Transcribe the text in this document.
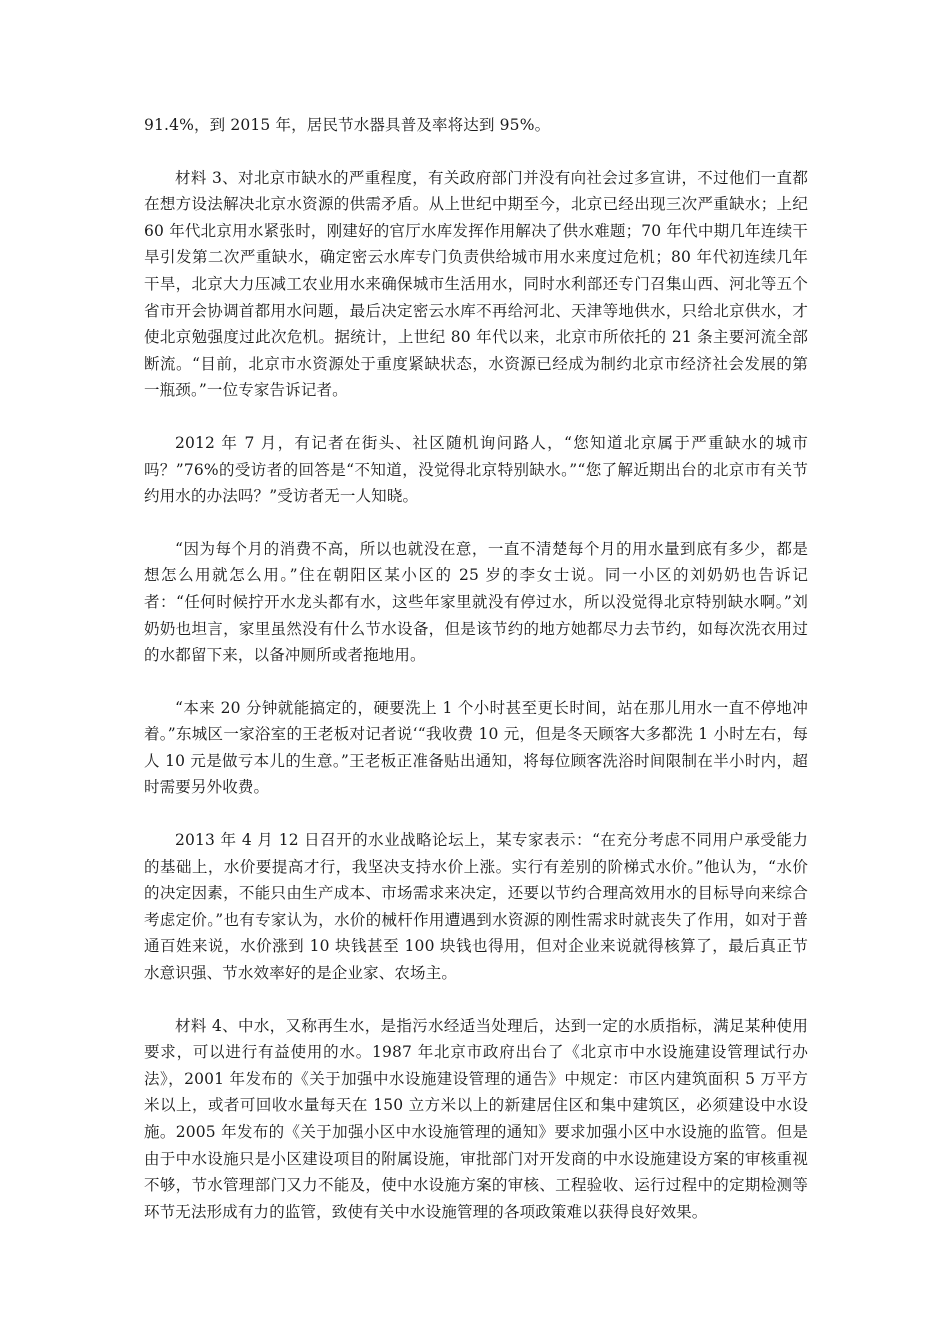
91.4%，到 2015 年，居民节水器具普及率将达到 95%。

材料 3、对北京市缺水的严重程度，有关政府部门并没有向社会过多宣讲，不过他们一直都在想方设法解决北京水资源的供需矛盾。从上世纪中期至今，北京已经出现三次严重缺水；上纪 60 年代北京用水紧张时，刚建好的官厅水库发挥作用解决了供水难题；70 年代中期几年连续干旱引发第二次严重缺水，确定密云水库专门负责供给城市用水来度过危机；80 年代初连续几年干旱，北京大力压减工农业用水来确保城市生活用水，同时水利部还专门召集山西、河北等五个省市开会协调首都用水问题，最后决定密云水库不再给河北、天津等地供水，只给北京供水，才使北京勉强度过此次危机。据统计，上世纪 80 年代以来，北京市所依托的 21 条主要河流全部断流。“目前，北京市水资源处于重度紧缺状态，水资源已经成为制约北京市经济社会发展的第一瓶颈。”一位专家告诉记者。

2012 年 7 月，有记者在街头、社区随机询问路人，“您知道北京属于严重缺水的城市吗？”76%的受访者的回答是“不知道，没觉得北京特别缺水。”“您了解近期出台的北京市有关节约用水的办法吗？”受访者无一人知晓。

“因为每个月的消费不高，所以也就没在意，一直不清楚每个月的用水量到底有多少，都是想怎么用就怎么用。”住在朝阳区某小区的 25 岁的李女士说。同一小区的刘奶奶也告诉记者：“任何时候拧开水龙头都有水，这些年家里就没有停过水，所以没觉得北京特别缺水啊。”刘奶奶也坦言，家里虽然没有什么节水设备，但是该节约的地方她都尽力去节约，如每次洗衣用过的水都留下来，以备冲厕所或者拖地用。

“本来 20 分钟就能搞定的，硬要洗上 1 个小时甚至更长时间，站在那儿用水一直不停地冲着。”东城区一家浴室的王老板对记者说‘“我收费 10 元，但是冬天顾客大多都洗 1 小时左右，每人 10 元是做亏本儿的生意。”王老板正准备贴出通知，将每位顾客洗浴时间限制在半小时内，超时需要另外收费。

2013 年 4 月 12 日召开的水业战略论坛上，某专家表示：“在充分考虑不同用户承受能力的基础上，水价要提高才行，我坚决支持水价上涨。实行有差别的阶梯式水价。”他认为，“水价的决定因素，不能只由生产成本、市场需求来决定，还要以节约合理高效用水的目标导向来综合考虑定价。”也有专家认为，水价的械杆作用遭遇到水资源的刚性需求时就丧失了作用，如对于普通百姓来说，水价涨到 10 块钱甚至 100 块钱也得用，但对企业来说就得核算了，最后真正节水意识强、节水效率好的是企业家、农场主。

材料 4、中水，又称再生水，是指污水经适当处理后，达到一定的水质指标，满足某种使用要求，可以进行有益使用的水。1987 年北京市政府出台了《北京市中水设施建设管理试行办法》，2001 年发布的《关于加强中水设施建设管理的通告》中规定：市区内建筑面积 5 万平方米以上，或者可回收水量每天在 150 立方米以上的新建居住区和集中建筑区，必须建设中水设施。2005 年发布的《关于加强小区中水设施管理的通知》要求加强小区中水设施的监管。但是由于中水设施只是小区建设项目的附属设施，审批部门对开发商的中水设施建设方案的审核重视不够，节水管理部门又力不能及，使中水设施方案的审核、工程验收、运行过程中的定期检测等环节无法形成有力的监管，致使有关中水设施管理的各项政策难以获得良好效果。
